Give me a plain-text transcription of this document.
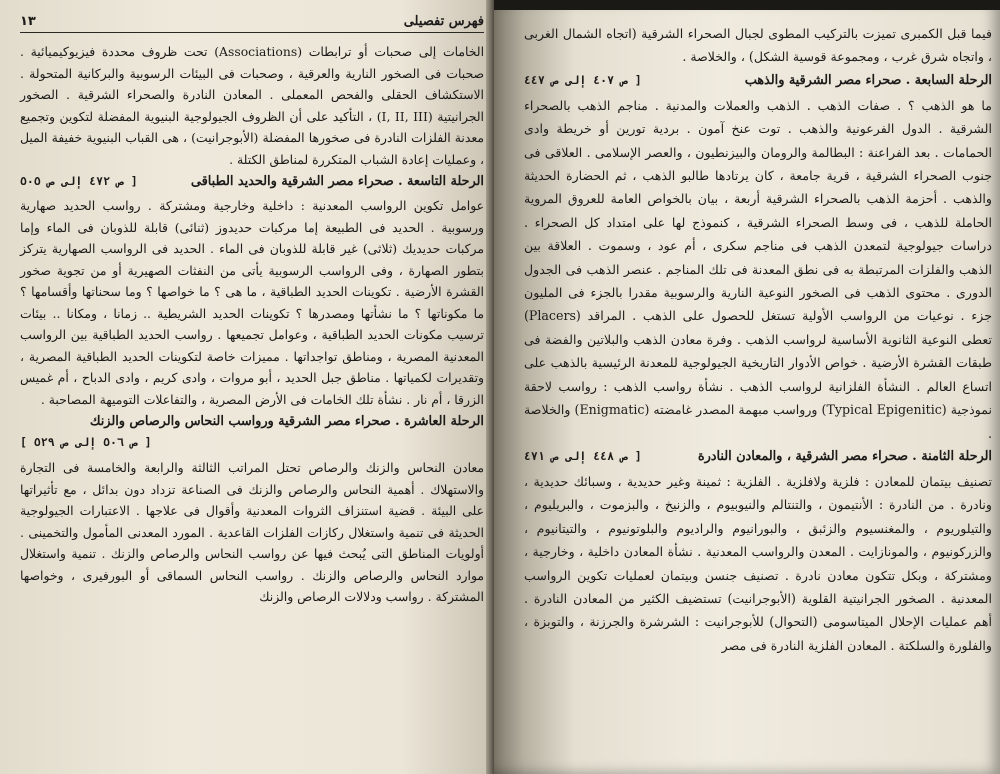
فهرس تفصيلى
١٣

الخامات إلى صحبات أو ترابطات (Associations) تحت ظروف محددة فيزيوكيميائية . صحبات فى الصخور النارية والعرقية ، وصحبات فى البيئات الرسوبية والبركانية المتحولة . الاستكشاف الحقلى والفحص المعملى . المعادن النادرة والصحراء الشرقية . الصخور الجرانيتية (I, II, III) ، التأكيد على أن الظروف الجيولوجية البنيوية المفضلة لتكوين وتجميع معدنة الفلزات النادرة فى صخورها المفضلة (الأبوجرانيت) ، هى القباب البنيوية خفيفة الميل ، وعمليات إعادة الشباب المتكررة لمناطق الكتلة .

الرحلة التاسعة . صحراء مصر الشرقية والحديد الطباقى
[ ص ٤٧٢ إلى ص ٥٠٥

عوامل تكوين الرواسب المعدنية : داخلية وخارجية ومشتركة . رواسب الحديد صهارية ورسوبية . الحديد فى الطبيعة إما مركبات حديدوز (ثنائى) قابلة للذوبان فى الماء وإما مركبات حديديك (ثلاثى) غير قابلة للذوبان فى الماء . الحديد فى الرواسب الصهارية يتركز بتطور الصهارة ، وفى الرواسب الرسوبية يأتى من النفثات الصهيرية أو من تجوية صخور القشرة الأرضية . تكوينات الحديد الطباقية ، ما هى ؟ ما خواصها ؟ وما سحناتها وأقسامها ؟ ما مكوناتها ؟ ما نشأتها ومصدرها ؟ تكوينات الحديد الشريطية .. زمانا ، ومكانا .. بيئات ترسيب مكونات الحديد الطباقية ، وعوامل تجميعها . رواسب الحديد الطباقية بين الرواسب المعدنية المصرية ، ومناطق تواجداتها . مميزات خاصة لتكوينات الحديد الطباقية المصرية ، وتقديرات لكمياتها . مناطق جبل الحديد ، أبو مروات ، وادى كريم ، وادى الدباح ، أم غميس الزرقا ، أم نار . نشأة تلك الخامات فى الأرض المصرية ، والتفاعلات التوميهة المصاحبة .

الرحلة العاشرة . صحراء مصر الشرقية ورواسب النحاس والرصاص والزنك
[ ص ٥٠٦ إلى ص ٥٢٩ ]

معادن النحاس والزنك والرصاص تحتل المراتب الثالثة والرابعة والخامسة فى التجارة والاستهلاك . أهمية النحاس والرصاص والزنك فى الصناعة تزداد دون بدائل ، مع تأثيراتها على البيئة . قضية استنزاف الثروات المعدنية وأقوال فى علاجها . الاعتبارات الجيولوجية الحديثة فى تنمية واستغلال ركازات الفلزات القاعدية . المورد المعدنى المأمول والتخمينى . أولويات المناطق التى يُبحث فيها عن رواسب النحاس والرصاص والزنك . تنمية واستغلال موارد النحاس والرصاص والزنك . رواسب النحاس السماقى أو البورفيرى ، وخواصها المشتركة . رواسب ودلالات الرصاص والزنك

فيما قبل الكمبرى تميزت بالتركيب المطوى لجبال الصحراء الشرقية (اتجاه الشمال الغربى ، واتجاه شرق غرب ، ومجموعة قوسية الشكل) ، والخلاصة .

الرحلة السابعة . صحراء مصر الشرقية والذهب
[ ص ٤٠٧ إلى ص ٤٤٧

ما هو الذهب ؟ . صفات الذهب . الذهب والعملات والمدنية . مناجم الذهب بالصحراء الشرقية . الدول الفرعونية والذهب . توت عنخ آمون . بردية تورين أو خريطة وادى الحمامات . بعد الفراعنة : البطالمة والرومان والبيزنطيون ، والعصر الإسلامى . العلاقى فى جنوب الصحراء الشرقية ، قرية جامعة ، كان يرتادها طالبو الذهب ، ثم الحضارة الحديثة والذهب . أحزمة الذهب بالصحراء الشرقية أربعة ، بيان بالخواص العامة للعروق المروية الحاملة للذهب ، فى وسط الصحراء الشرقية ، كنموذج لها على امتداد كل الصحراء . دراسات جيولوجية لتمعدن الذهب فى مناجم سكرى ، أم عود ، وسموت . العلاقة بين الذهب والفلزات المرتبطة به فى نطق المعدنة فى تلك المناجم . عنصر الذهب فى الجدول الدورى . محتوى الذهب فى الصخور النوعية النارية والرسوبية مقدرا بالجزء فى المليون جزء . نوعيات من الرواسب الأولية تستغل للحصول على الذهب . المراقد (Placers) تعطى النوعية الثانوية الأساسية لرواسب الذهب . وفرة معادن الذهب والبلاتين والفضة فى طبقات القشرة الأرضية . خواص الأدوار التاريخية الجيولوجية للمعدنة الرئيسية بالذهب على اتساع العالم . النشأة الفلزانية لرواسب الذهب . نشأة رواسب الذهب : رواسب لاحقة نموذجية (Typical Epigenitic) ورواسب مبهمة المصدر غامضته (Enigmatic) والخلاصة .

الرحلة الثامنة . صحراء مصر الشرقية ، والمعادن النادرة
[ ص ٤٤٨ إلى ص ٤٧١

تصنيف بيتمان للمعادن : فلزية ولافلزية . الفلزية : ثمينة وغير حديدية ، وسبائك حديدية ، ونادرة . من النادرة : الأنتيمون ، والتنتالم والنيوبيوم ، والزنيخ ، والبزموت ، والبريليوم ، والتيلوريوم ، والمغنسيوم والزئبق ، والبورانيوم والراديوم والبلوتونيوم ، والتيتانيوم ، والزركونيوم ، والمونازايت . المعدن والرواسب المعدنية . نشأة المعادن داخلية ، وخارجية ، ومشتركة ، وبكل تتكون معادن نادرة . تصنيف جنسن وبيتمان لعمليات تكوين الرواسب المعدنية . الصخور الجرانيتية القلوية (الأبوجرانيت) تستضيف الكثير من المعادن النادرة . أهم عمليات الإحلال الميتاسومى (التحوال) للأبوجرانيت : الشرشرة والجرزنة ، والتوبزة ، والفلورة والسلكتة . المعادن الفلزية النادرة فى مصر
